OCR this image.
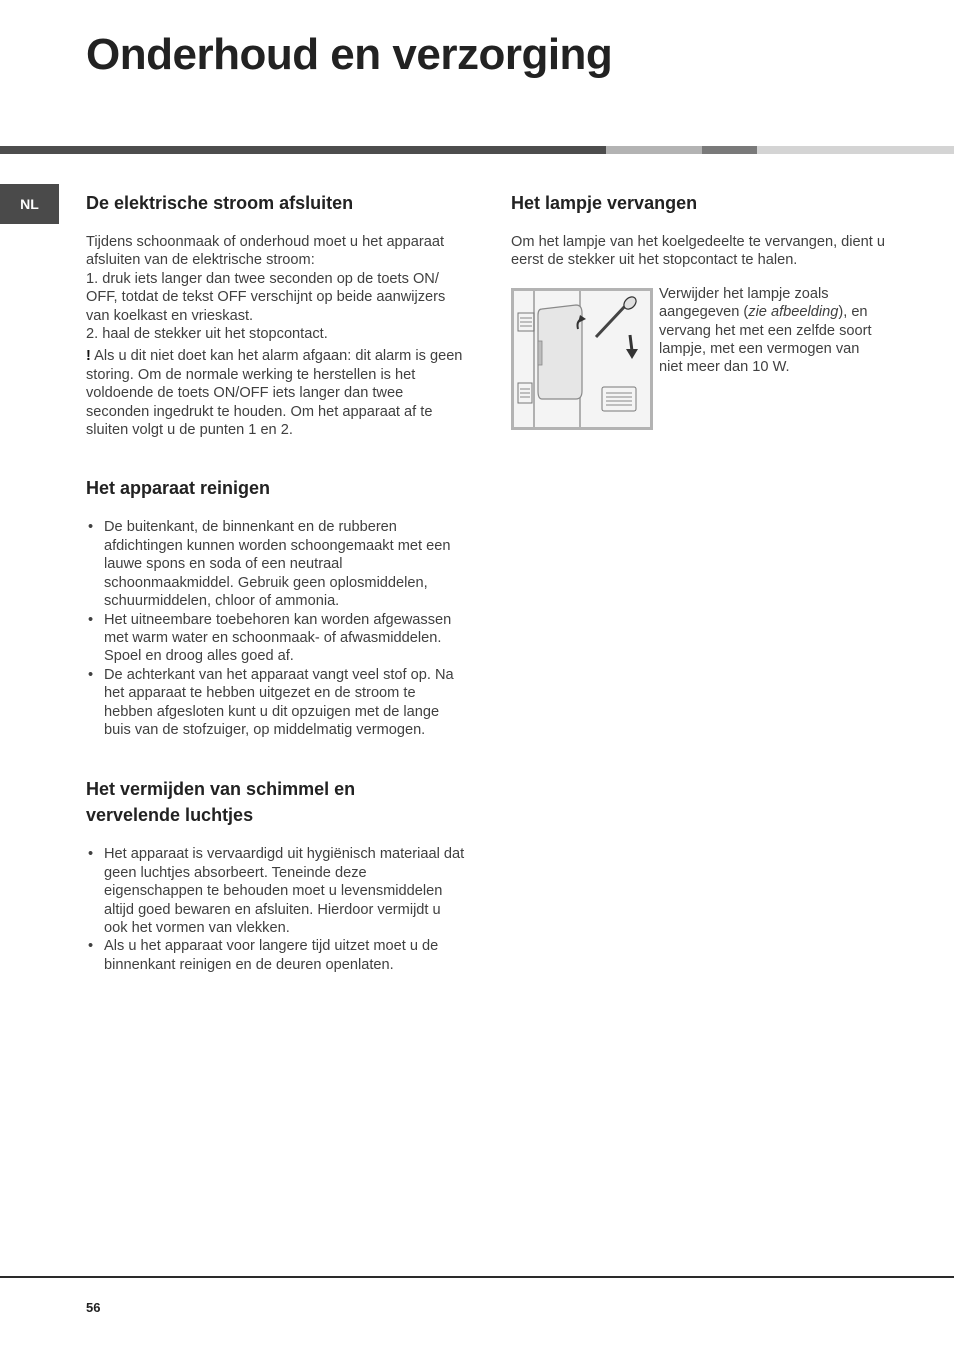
Onderhoud en verzorging
NL	De elektrische stroom afsluiten

Tijdens schoonmaak of onderhoud moet u het apparaat afsluiten van de elektrische stroom:

1. druk iets langer dan twee seconden op de toets ON/ OFF, totdat de tekst OFF verschijnt op beide aanwijzers van koelkast en vrieskast.

2. haal de stekker uit het stopcontact.

! Als u dit niet doet kan het alarm afgaan: dit alarm is geen storing. Om de normale werking te herstellen is het voldoende de toets ON/OFF iets langer dan twee seconden ingedrukt te houden. Om het apparaat af te sluiten volgt u de punten 1 en 2.

Het apparaat reinigen
• De buitenkant, de binnenkant en de rubberen afdichtingen kunnen worden schoongemaakt met een lauwe spons en soda of een neutraal schoonmaakmiddel. Gebruik geen oplosmiddelen, schuurmiddelen, chloor of ammonia.
• Het uitneembare toebehoren kan worden afgewassen met warm water en schoonmaak- of afwasmiddelen. Spoel en droog alles goed af.
• De achterkant van het apparaat vangt veel stof op. Na het apparaat te hebben uitgezet en de stroom te hebben afgesloten kunt u dit opzuigen met de lange buis van de stofzuiger, op middelmatig vermogen.
Het vermijden van schimmel en vervelende luchtjes
• Het apparaat is vervaardigd uit hygiënisch materiaal dat geen luchtjes absorbeert. Teneinde deze eigenschappen te behouden moet u levensmiddelen altijd goed bewaren en afsluiten. Hierdoor vermijdt u ook het vormen van vlekken.
• Als u het apparaat voor langere tijd uitzet moet u de binnenkant reinigen en de deuren openlaten.
Het lampje vervangen

Om het lampje van het koelgedeelte te vervangen, dient u eerst de stekker uit het stopcontact te halen.

Verwijder het lampje zoals aangegeven (zie afbeelding), en vervang het met een zelfde soort lampje, met een vermogen van niet meer dan 10 W.

56
